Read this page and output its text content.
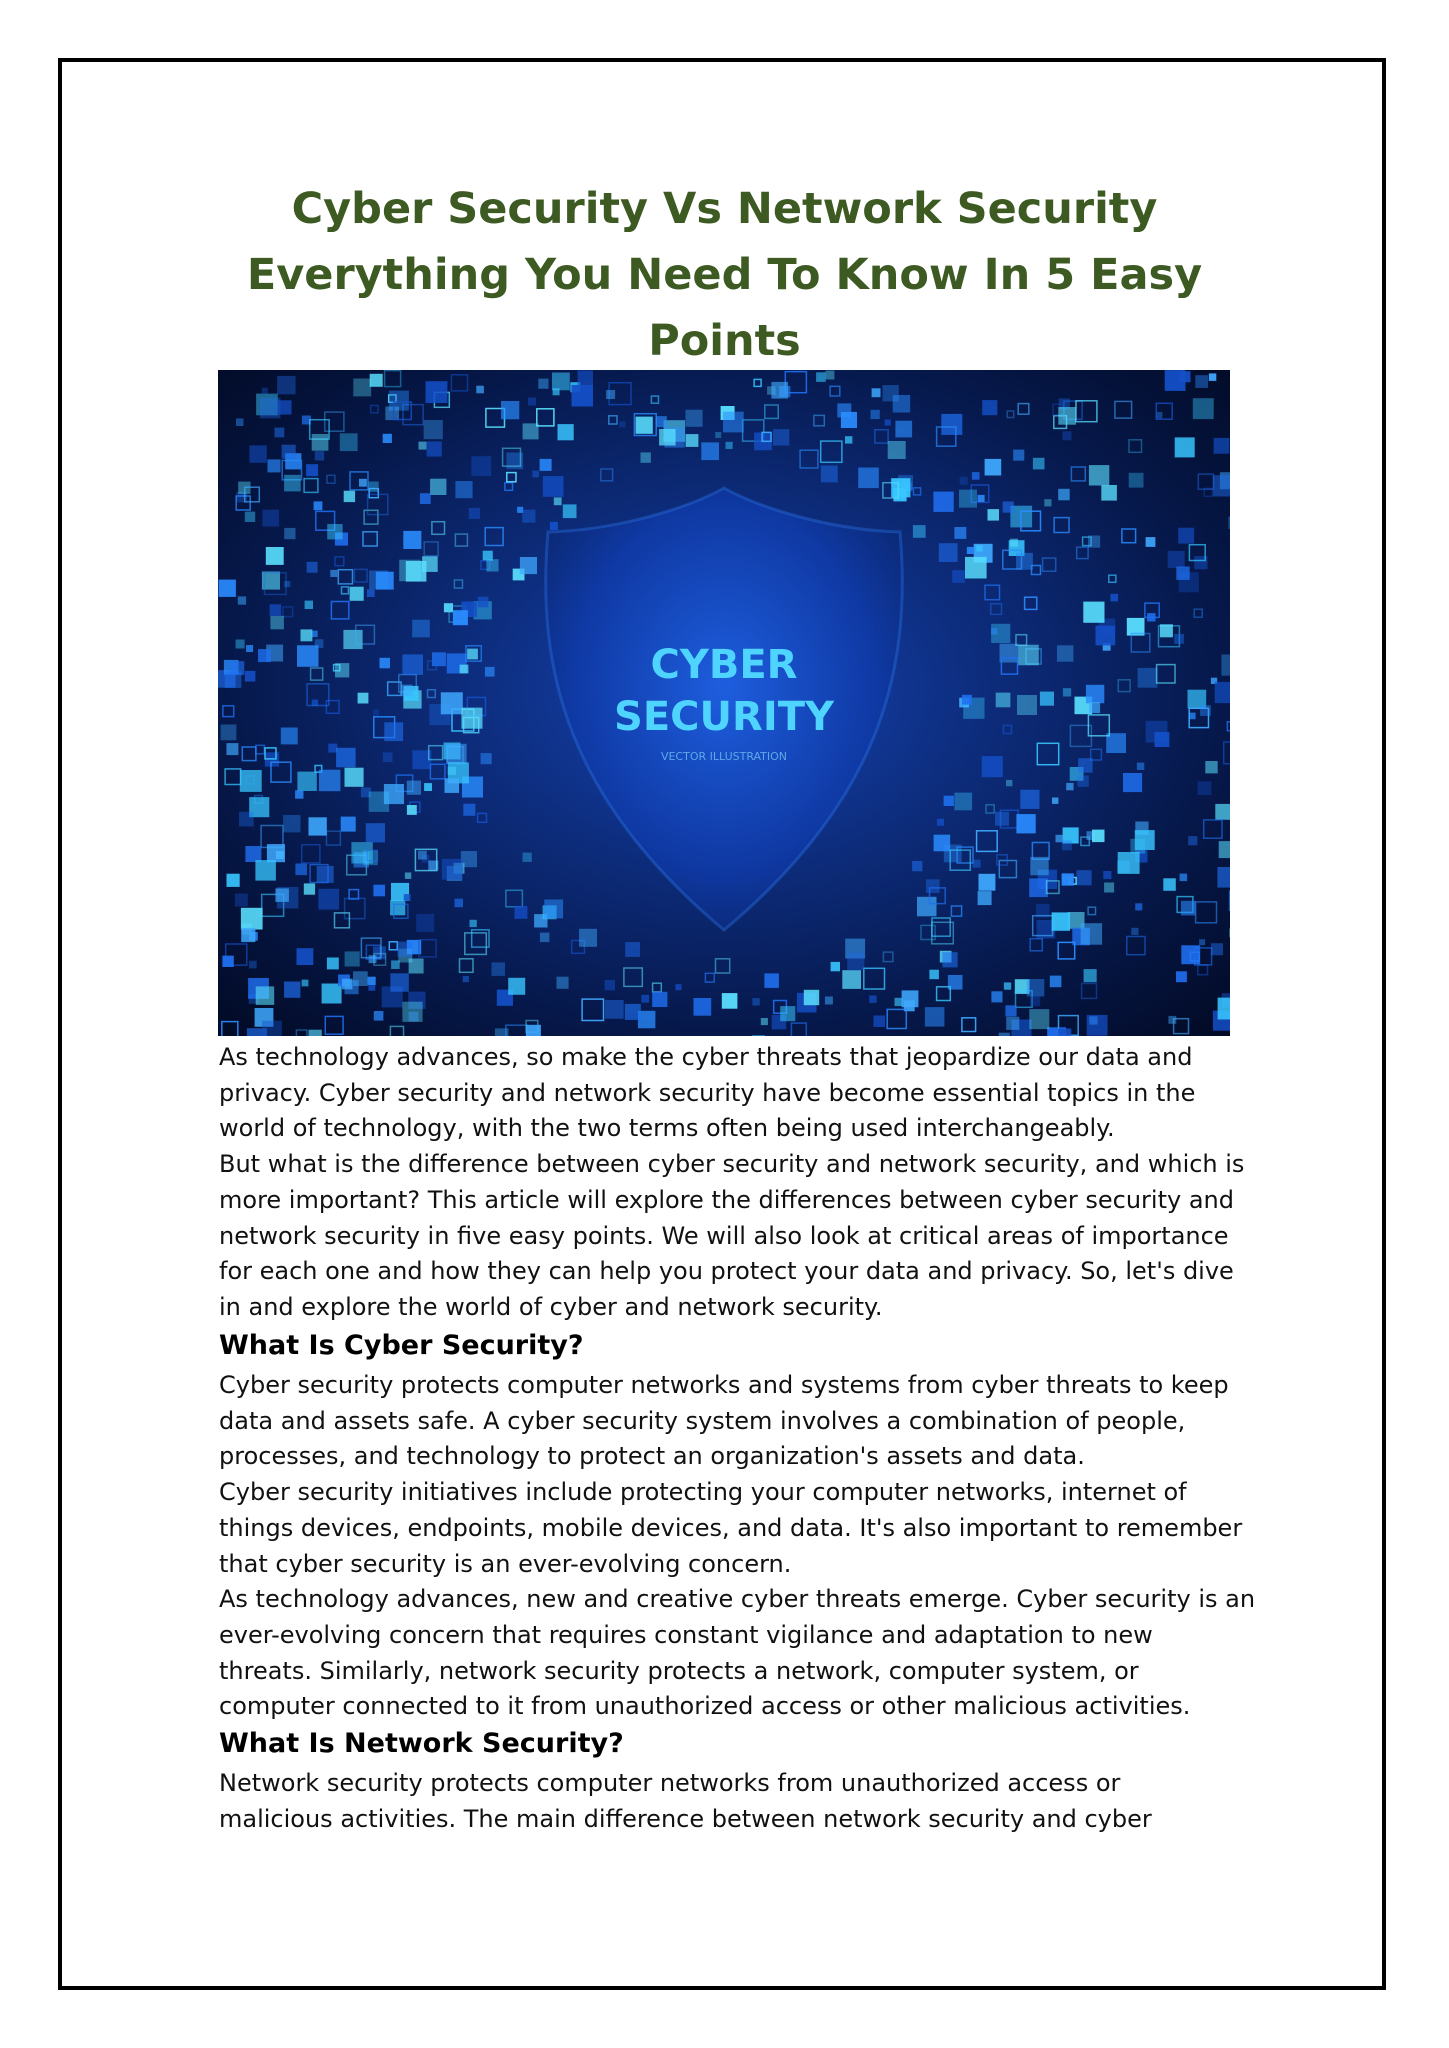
Cyber Security Vs Network Security
Everything You Need To Know In 5 Easy
Points
CYBER
SECURITY
VECTOR ILLUSTRATION
As technology advances, so make the cyber threats that jeopardize our data and
privacy. Cyber security and network security have become essential topics in the
world of technology, with the two terms often being used interchangeably.
But what is the difference between cyber security and network security, and which is
more important? This article will explore the differences between cyber security and
network security in five easy points. We will also look at critical areas of importance
for each one and how they can help you protect your data and privacy. So, let's dive
in and explore the world of cyber and network security.
What Is Cyber Security?
Cyber security protects computer networks and systems from cyber threats to keep
data and assets safe. A cyber security system involves a combination of people,
processes, and technology to protect an organization's assets and data.
Cyber security initiatives include protecting your computer networks, internet of
things devices, endpoints, mobile devices, and data. It's also important to remember
that cyber security is an ever-evolving concern.
As technology advances, new and creative cyber threats emerge. Cyber security is an
ever-evolving concern that requires constant vigilance and adaptation to new
threats. Similarly, network security protects a network, computer system, or
computer connected to it from unauthorized access or other malicious activities.
What Is Network Security?
Network security protects computer networks from unauthorized access or
malicious activities. The main difference between network security and cyber
